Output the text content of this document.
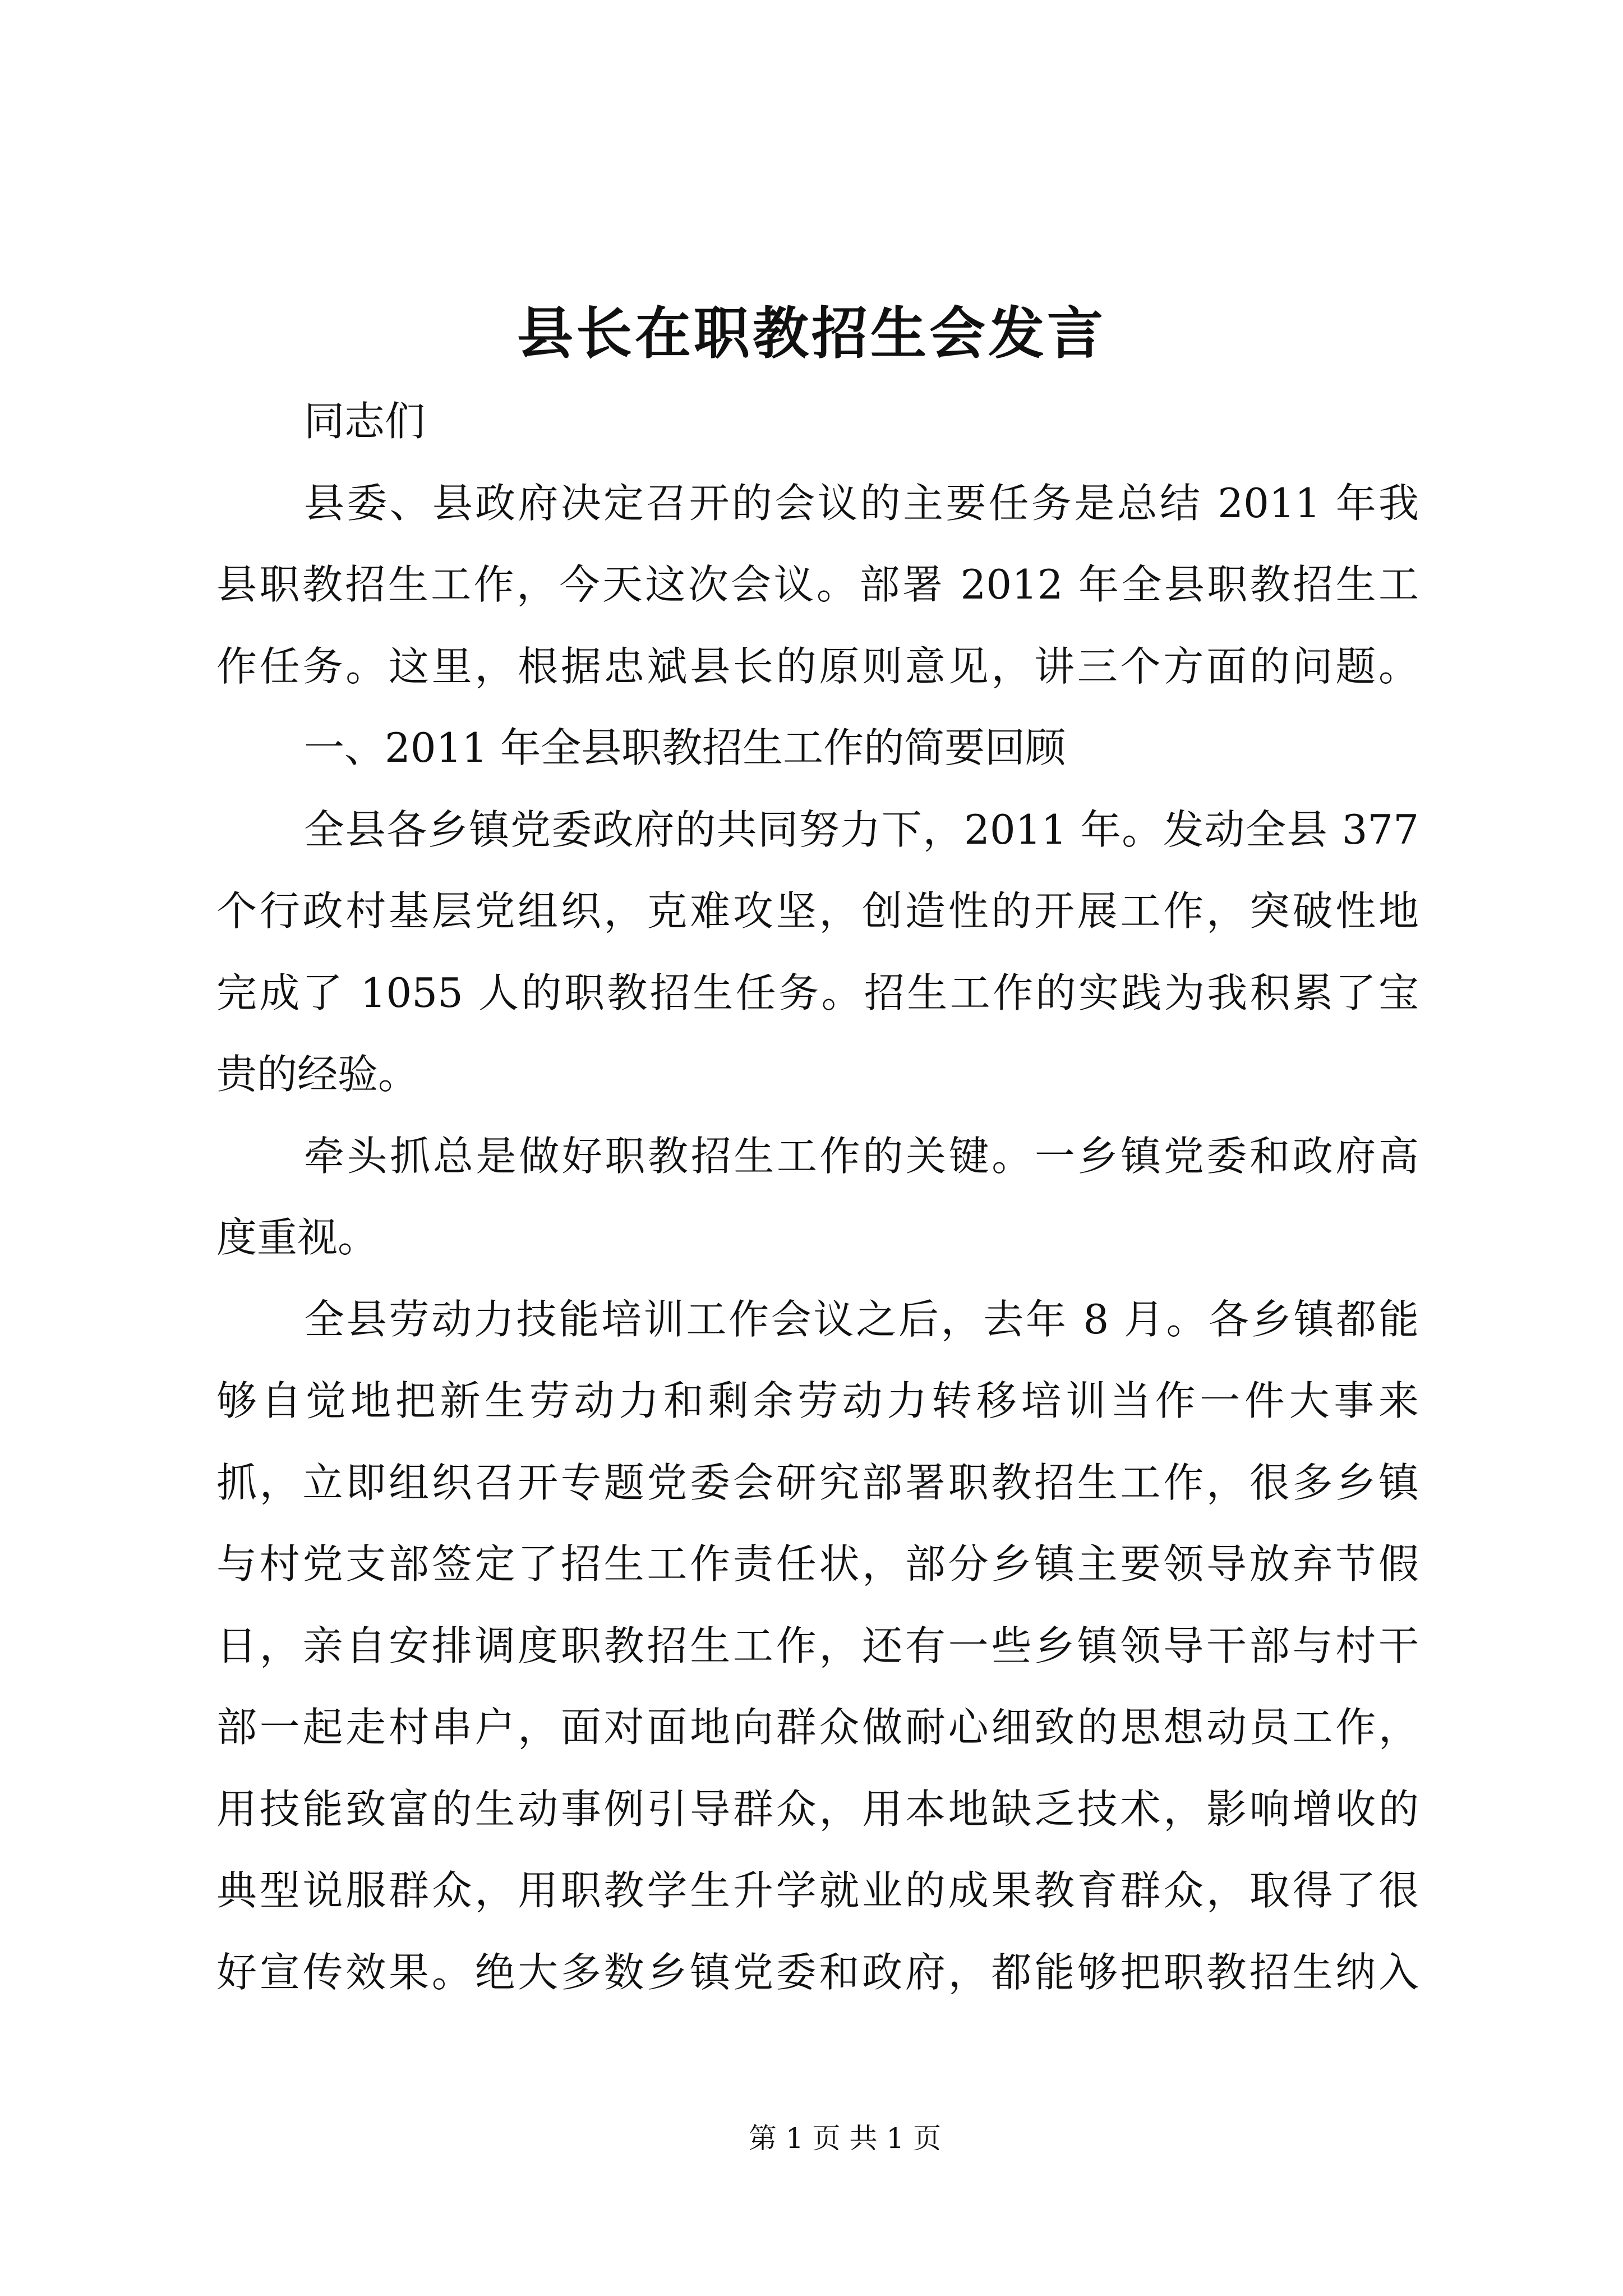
县长在职教招生会发言
同志们
县委、县政府决定召开的会议的主要任务是总结 2011 年我
县职教招生工作，今天这次会议。部署 2012 年全县职教招生工
作任务。这里，根据忠斌县长的原则意见，讲三个方面的问题。
一、2011 年全县职教招生工作的简要回顾
全县各乡镇党委政府的共同努力下，2011 年。发动全县 377
个行政村基层党组织，克难攻坚，创造性的开展工作，突破性地
完成了 1055 人的职教招生任务。招生工作的实践为我积累了宝
贵的经验。
牵头抓总是做好职教招生工作的关键。一乡镇党委和政府高
度重视。
全县劳动力技能培训工作会议之后，去年 8 月。各乡镇都能
够自觉地把新生劳动力和剩余劳动力转移培训当作一件大事来
抓，立即组织召开专题党委会研究部署职教招生工作，很多乡镇
与村党支部签定了招生工作责任状，部分乡镇主要领导放弃节假
日，亲自安排调度职教招生工作，还有一些乡镇领导干部与村干
部一起走村串户，面对面地向群众做耐心细致的思想动员工作，
用技能致富的生动事例引导群众，用本地缺乏技术，影响增收的
典型说服群众，用职教学生升学就业的成果教育群众，取得了很
好宣传效果。绝大多数乡镇党委和政府，都能够把职教招生纳入
第 1 页 共 1 页
